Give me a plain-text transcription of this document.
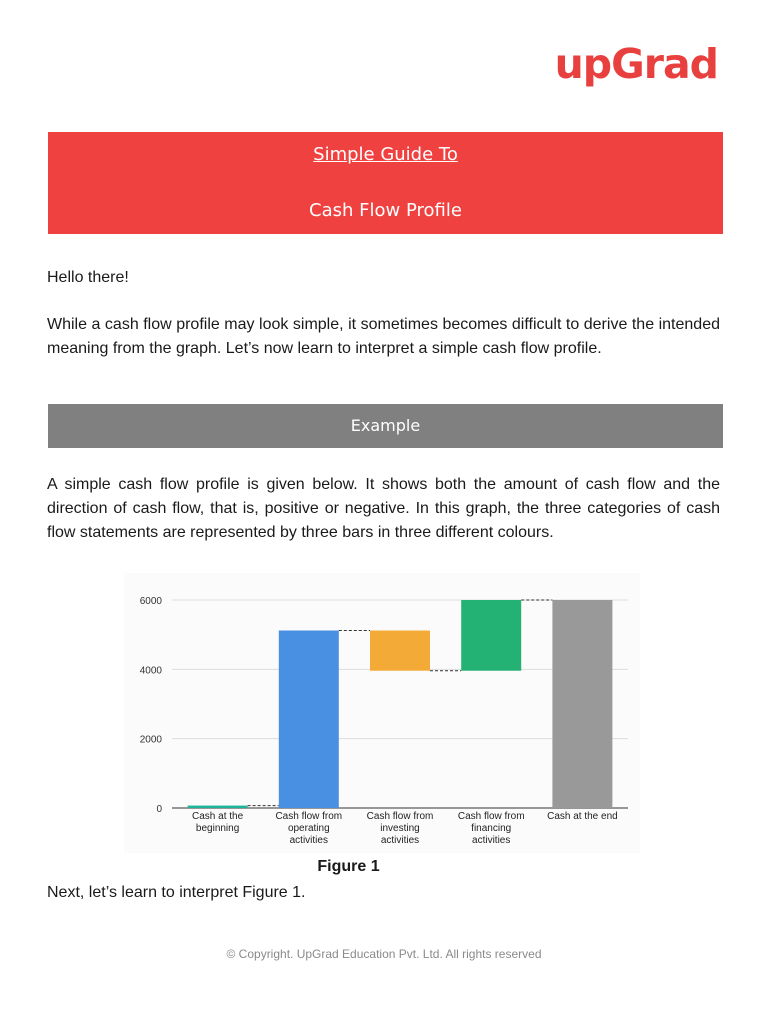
upGrad
Simple Guide To
Cash Flow Profile

Hello there!

While a cash flow profile may look simple, it sometimes becomes difficult to derive the intended meaning from the graph. Let’s now learn to interpret a simple cash flow profile.

Example

A simple cash flow profile is given below. It shows both the amount of cash flow and the direction of cash flow, that is, positive or negative. In this graph, the three categories of cash flow statements are represented by three bars in three different colours.

0
2000
4000
6000
Cash at the beginning
Cash flow from operating activities
Cash flow from investing activities
Cash flow from financing activities
Cash at the end
Figure 1

Next, let’s learn to interpret Figure 1.

© Copyright. UpGrad Education Pvt. Ltd. All rights reserved
